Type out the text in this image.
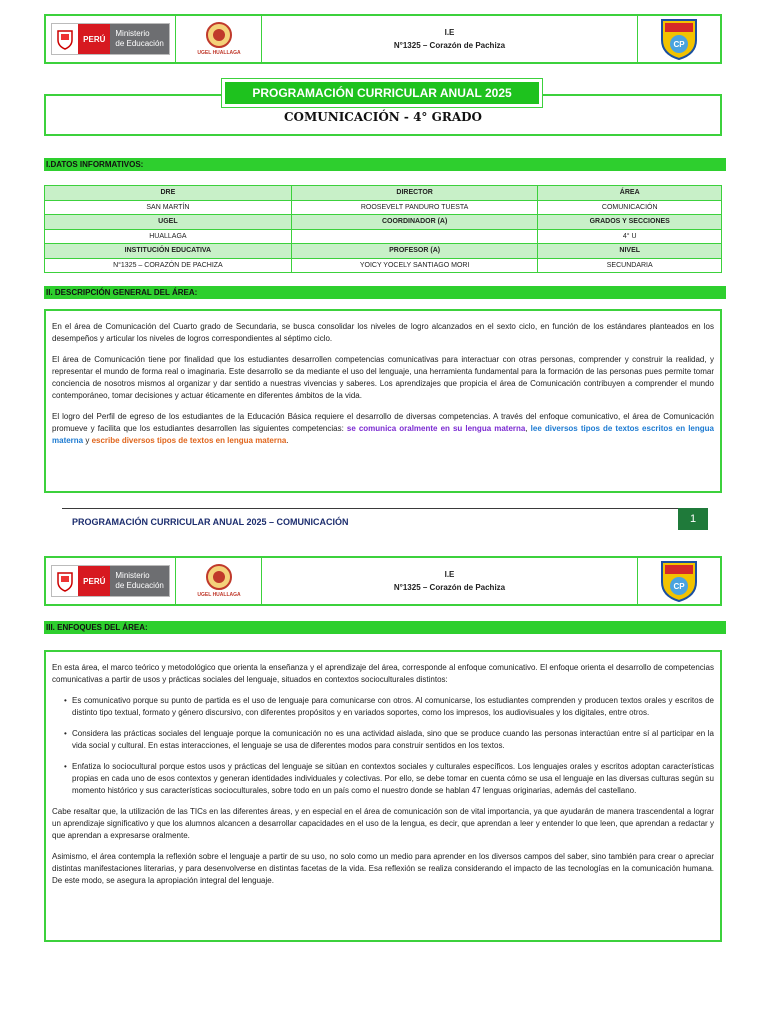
PERÚ
Ministerio
de Educación
UGEL HUALLAGA
I.E
N°1325 – Corazón de Pachiza	CP
PROGRAMACIÓN CURRICULAR ANUAL 2025
COMUNICACIÓN - 4° GRADO
I.DATOS INFORMATIVOS:
DRE	DIRECTOR	ÁREA
SAN MARTÍN	ROOSEVELT PANDURO TUESTA	COMUNICACIÓN
UGEL	COORDINADOR (A)	GRADOS Y SECCIONES
HUALLAGA		4° U
INSTITUCIÓN EDUCATIVA	PROFESOR (A)	NIVEL
N°1325 – CORAZÓN DE PACHIZA	YOICY YOCELY SANTIAGO MORI	SECUNDARIA
II. DESCRIPCIÓN GENERAL DEL ÁREA:

En el área de Comunicación del Cuarto grado de Secundaria, se busca consolidar los niveles de logro alcanzados en el sexto ciclo, en función de los estándares planteados en los desempeños y articular los niveles de logros correspondientes al séptimo ciclo.

El área de Comunicación tiene por finalidad que los estudiantes desarrollen competencias comunicativas para interactuar con otras personas, comprender y construir la realidad, y representar el mundo de forma real o imaginaria. Este desarrollo se da mediante el uso del lenguaje, una herramienta fundamental para la formación de las personas pues permite tomar conciencia de nosotros mismos al organizar y dar sentido a nuestras vivencias y saberes. Los aprendizajes que propicia el área de Comunicación contribuyen a comprender el mundo contemporáneo, tomar decisiones y actuar éticamente en diferentes ámbitos de la vida.

El logro del Perfil de egreso de los estudiantes de la Educación Básica requiere el desarrollo de diversas competencias. A través del enfoque comunicativo, el área de Comunicación promueve y facilita que los estudiantes desarrollen las siguientes competencias: se comunica oralmente en su lengua materna, lee diversos tipos de textos escritos en lengua materna y escribe diversos tipos de textos en lengua materna.

PROGRAMACIÓN CURRICULAR ANUAL 2025 – COMUNICACIÓN	1
PERÚ
Ministerio
de Educación
UGEL HUALLAGA
I.E
N°1325 – Corazón de Pachiza	CP
III. ENFOQUES DEL ÁREA:

En esta área, el marco teórico y metodológico que orienta la enseñanza y el aprendizaje del área, corresponde al enfoque comunicativo. El enfoque orienta el desarrollo de competencias comunicativas a partir de usos y prácticas sociales del lenguaje, situados en contextos socioculturales distintos:

• Es comunicativo porque su punto de partida es el uso de lenguaje para comunicarse con otros. Al comunicarse, los estudiantes comprenden y producen textos orales y escritos de distinto tipo textual, formato y género discursivo, con diferentes propósitos y en variados soportes, como los impresos, los audiovisuales y los digitales, entre otros.
• Considera las prácticas sociales del lenguaje porque la comunicación no es una actividad aislada, sino que se produce cuando las personas interactúan entre sí al participar en la vida social y cultural. En estas interacciones, el lenguaje se usa de diferentes modos para construir sentidos en los textos.
• Enfatiza lo sociocultural porque estos usos y prácticas del lenguaje se sitúan en contextos sociales y culturales específicos. Los lenguajes orales y escritos adoptan características propias en cada uno de esos contextos y generan identidades individuales y colectivas. Por ello, se debe tomar en cuenta cómo se usa el lenguaje en las diversas culturas según su momento histórico y sus características socioculturales, sobre todo en un país como el nuestro donde se hablan 47 lenguas originarias, además del castellano.

Cabe resaltar que, la utilización de las TICs en las diferentes áreas, y en especial en el área de comunicación son de vital importancia, ya que ayudarán de manera trascendental a lograr un aprendizaje significativo y que los alumnos alcancen a desarrollar capacidades en el uso de la lengua, es decir, que aprendan a leer y entender lo que leen, que aprendan a redactar y que aprendan a expresarse oralmente.

Asimismo, el área contempla la reflexión sobre el lenguaje a partir de su uso, no solo como un medio para aprender en los diversos campos del saber, sino también para crear o apreciar distintas manifestaciones literarias, y para desenvolverse en distintas facetas de la vida. Esa reflexión se realiza considerando el impacto de las tecnologías en la comunicación humana. De este modo, se asegura la apropiación integral del lenguaje.
